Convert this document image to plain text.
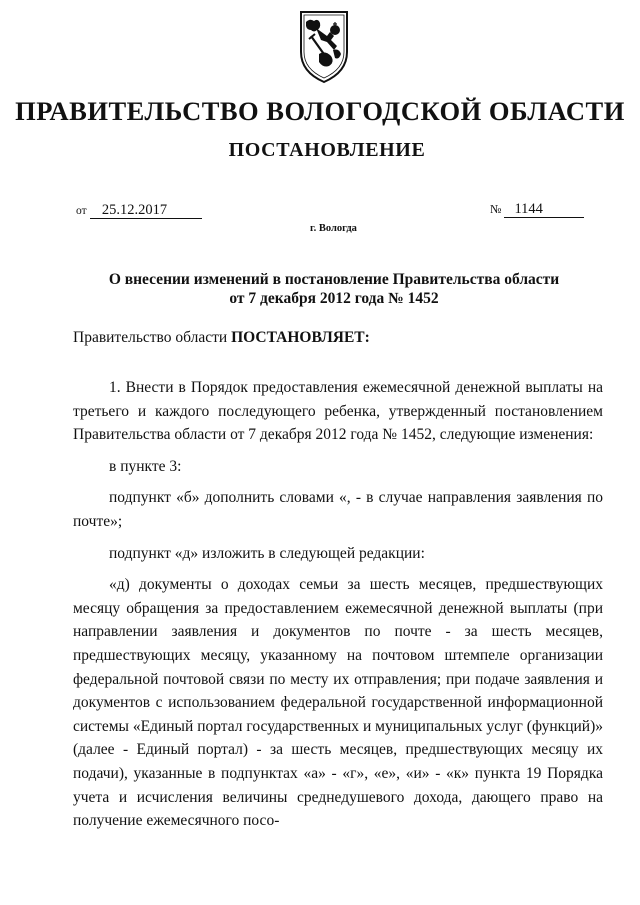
ПРАВИТЕЛЬСТВО ВОЛОГОДСКОЙ ОБЛАСТИ
ПОСТАНОВЛЕНИЕ
от 25.12.2017	№ 1144
г. Вологда
О внесении изменений в постановление Правительства области
от 7 декабря 2012 года № 1452
Правительство области ПОСТАНОВЛЯЕТ:

1. Внести в Порядок предоставления ежемесячной денежной выплаты на третьего и каждого последующего ребенка, утвержденный постановлением Правительства области от 7 декабря 2012 года № 1452, следующие изменения:

в пункте 3:

подпункт «б» дополнить словами «, - в случае направления заявления по почте»;

подпункт «д» изложить в следующей редакции:

«д) документы о доходах семьи за шесть месяцев, предшествующих месяцу обращения за предоставлением ежемесячной денежной выплаты (при направлении заявления и документов по почте - за шесть месяцев, предшествующих месяцу, указанному на почтовом штемпеле организации федеральной почтовой связи по месту их отправления; при подаче заявления и документов с использованием федеральной государственной информационной системы «Единый портал государственных и муниципальных услуг (функций)» (далее - Единый портал) - за шесть месяцев, предшествующих месяцу их подачи), указанные в подпунктах «а» - «г», «е», «и» - «к» пункта 19 Порядка учета и исчисления величины среднедушевого дохода, дающего право на получение ежемесячного посо-
